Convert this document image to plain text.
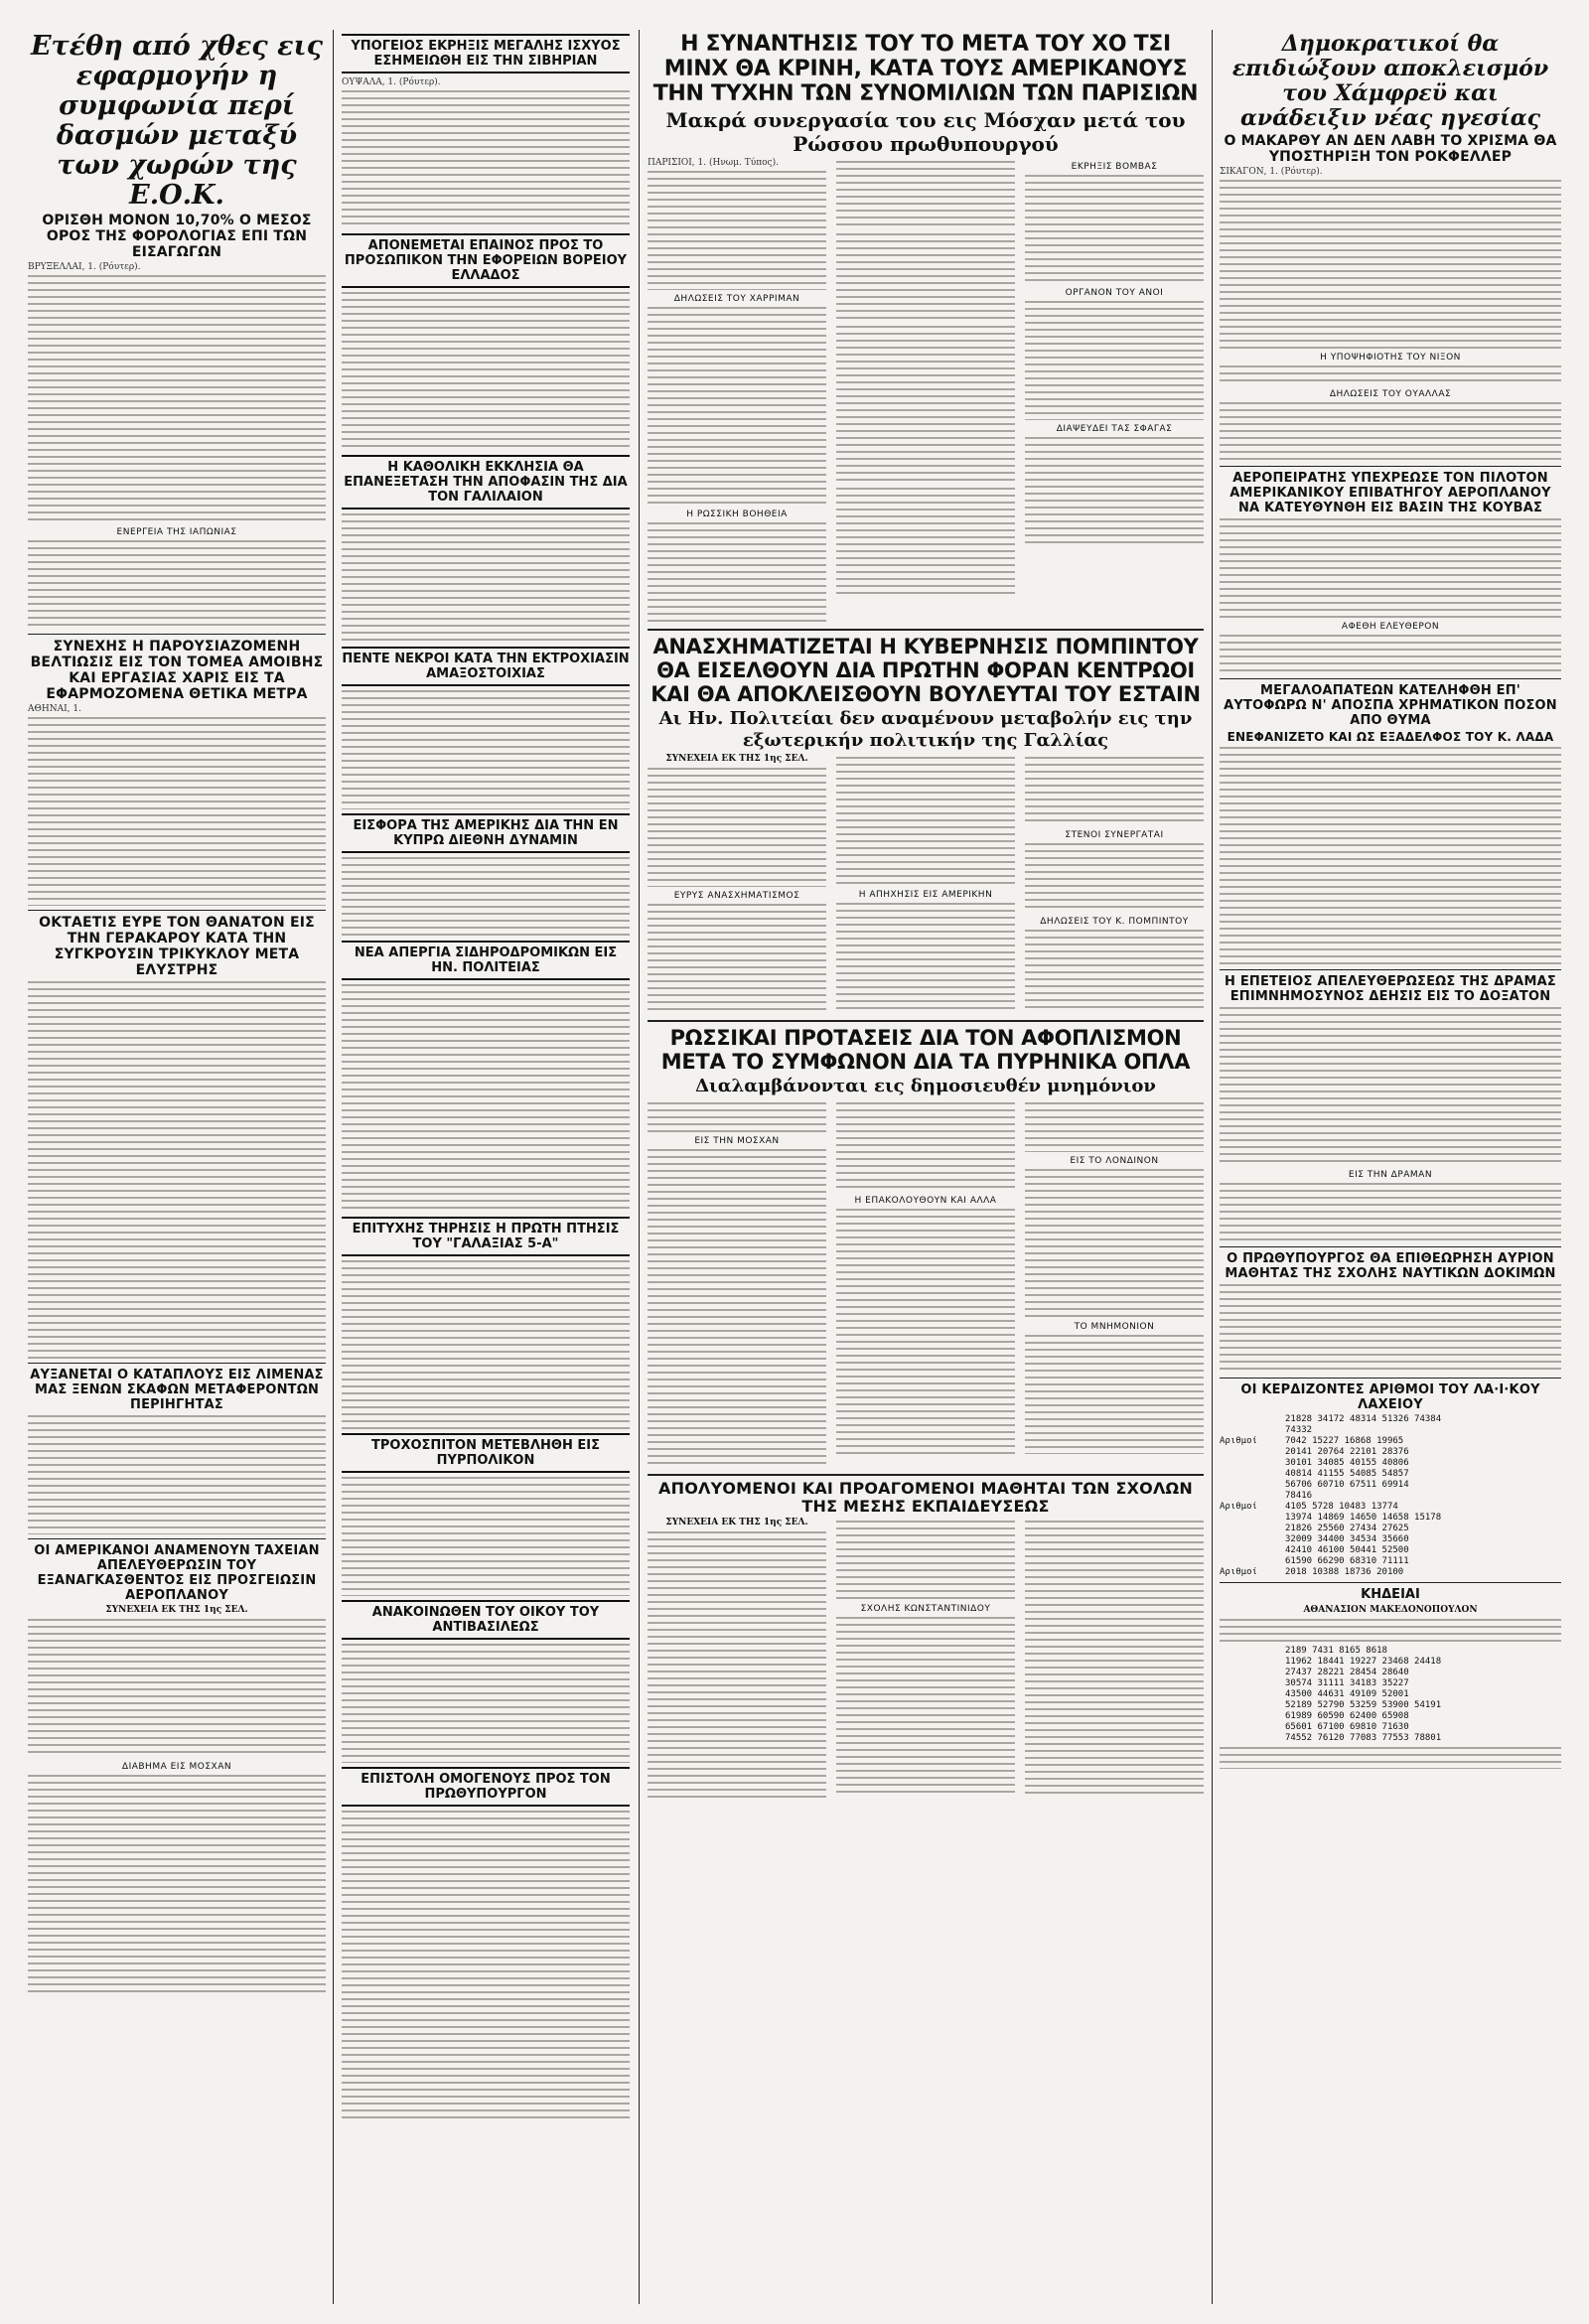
Ετέθη από χθες εις εφαρμογήν η συμφωνία περί δασμών μεταξύ των χωρών της Ε.Ο.Κ.
ΟΡΙΣΘΗ ΜΟΝΟΝ 10,70% Ο ΜΕΣΟΣ ΟΡΟΣ ΤΗΣ ΦΟΡΟΛΟΓΙΑΣ ΕΠΙ ΤΩΝ ΕΙΣΑΓΩΓΩΝ
ΒΡΥΞΕΛΛΑΙ, 1. (Ρόυτερ).
ΕΝΕΡΓΕΙΑ ΤΗΣ ΙΑΠΩΝΙΑΣ
ΣΥΝΕΧΗΣ Η ΠΑΡΟΥΣΙΑΖΟΜΕΝΗ ΒΕΛΤΙΩΣΙΣ ΕΙΣ ΤΟΝ ΤΟΜΕΑ ΑΜΟΙΒΗΣ ΚΑΙ ΕΡΓΑΣΙΑΣ ΧΑΡΙΣ ΕΙΣ ΤΑ ΕΦΑΡΜΟΖΟΜΕΝΑ ΘΕΤΙΚΑ ΜΕΤΡΑ
ΑΘΗΝΑΙ, 1.
ΟΚΤΑΕΤΙΣ ΕΥΡΕ ΤΟΝ ΘΑΝΑΤΟΝ ΕΙΣ ΤΗΝ ΓΕΡΑΚΑΡΟΥ ΚΑΤΑ ΤΗΝ ΣΥΓΚΡΟΥΣΙΝ ΤΡΙΚΥΚΛΟΥ ΜΕΤΑ ΕΛΥΣΤΡΗΣ
ΑΥΞΑΝΕΤΑΙ Ο ΚΑΤΑΠΛΟΥΣ ΕΙΣ ΛΙΜΕΝΑΣ ΜΑΣ ΞΕΝΩΝ ΣΚΑΦΩΝ ΜΕΤΑΦΕΡΟΝΤΩΝ ΠΕΡΙΗΓΗΤΑΣ
ΟΙ ΑΜΕΡΙΚΑΝΟΙ ΑΝΑΜΕΝΟΥΝ ΤΑΧΕΙΑΝ ΑΠΕΛΕΥΘΕΡΩΣΙΝ ΤΟΥ ΕΞΑΝΑΓΚΑΣΘΕΝΤΟΣ ΕΙΣ ΠΡΟΣΓΕΙΩΣΙΝ ΑΕΡΟΠΛΑΝΟΥ
ΣΥΝΕΧΕΙΑ ΕΚ ΤΗΣ 1ης ΣΕΛ.
ΔΙΑΒΗΜΑ ΕΙΣ ΜΟΣΧΑΝ
ΥΠΟΓΕΙΟΣ ΕΚΡΗΞΙΣ ΜΕΓΑΛΗΣ ΙΣΧΥΟΣ ΕΣΗΜΕΙΩΘΗ ΕΙΣ ΤΗΝ ΣΙΒΗΡΙΑΝ
ΟΥΨΑΛΑ, 1. (Ρόυτερ).
ΑΠΟΝΕΜΕΤΑΙ ΕΠΑΙΝΟΣ ΠΡΟΣ ΤΟ ΠΡΟΣΩΠΙΚΟΝ ΤΗΝ ΕΦΟΡΕΙΩΝ ΒΟΡΕΙΟΥ ΕΛΛΑΔΟΣ
Η ΚΑΘΟΛΙΚΗ ΕΚΚΛΗΣΙΑ ΘΑ ΕΠΑΝΕΞΕΤΑΣΗ ΤΗΝ ΑΠΟΦΑΣΙΝ ΤΗΣ ΔΙΑ ΤΟΝ ΓΑΛΙΛΑΙΟΝ
ΠΕΝΤΕ ΝΕΚΡΟΙ ΚΑΤΑ ΤΗΝ ΕΚΤΡΟΧΙΑΣΙΝ ΑΜΑΞΟΣΤΟΙΧΙΑΣ
ΕΙΣΦΟΡΑ ΤΗΣ ΑΜΕΡΙΚΗΣ ΔΙΑ ΤΗΝ ΕΝ ΚΥΠΡΩ ΔΙΕΘΝΗ ΔΥΝΑΜΙΝ
ΝΕΑ ΑΠΕΡΓΙΑ ΣΙΔΗΡΟΔΡΟΜΙΚΩΝ ΕΙΣ ΗΝ. ΠΟΛΙΤΕΙΑΣ
ΕΠΙΤΥΧΗΣ ΤΗΡΗΣΙΣ Η ΠΡΩΤΗ ΠΤΗΣΙΣ ΤΟΥ "ΓΑΛΑΞΙΑΣ 5-Α"
ΤΡΟΧΟΣΠΙΤΟΝ ΜΕΤΕΒΛΗΘΗ ΕΙΣ ΠΥΡΠΟΛΙΚΟΝ
ΑΝΑΚΟΙΝΩΘΕΝ ΤΟΥ ΟΙΚΟΥ ΤΟΥ ΑΝΤΙΒΑΣΙΛΕΩΣ
ΕΠΙΣΤΟΛΗ ΟΜΟΓΕΝΟΥΣ ΠΡΟΣ ΤΟΝ ΠΡΩΘΥΠΟΥΡΓΟΝ
Η ΣΥΝΑΝΤΗΣΙΣ ΤΟΥ ΤΟ ΜΕΤΑ ΤΟΥ ΧΟ ΤΣΙ ΜΙΝΧ ΘΑ ΚΡΙΝΗ, ΚΑΤΑ ΤΟΥΣ ΑΜΕΡΙΚΑΝΟΥΣ ΤΗΝ ΤΥΧΗΝ ΤΩΝ ΣΥΝΟΜΙΛΙΩΝ ΤΩΝ ΠΑΡΙΣΙΩΝ
Μακρά συνεργασία του εις Μόσχαν μετά του Ρώσσου πρωθυπουργού
ΠΑΡΙΣΙΟΙ, 1. (Ηνωμ. Τύπος).
ΔΗΛΩΣΕΙΣ ΤΟΥ ΧΑΡΡΙΜΑΝ
Η ΡΩΣΣΙΚΗ ΒΟΗΘΕΙΑ
ΕΚΡΗΞΙΣ ΒΟΜΒΑΣ
ΟΡΓΑΝΟΝ ΤΟΥ ΑΝΟΙ
ΔΙΑΨΕΥΔΕΙ ΤΑΣ ΣΦΑΓΑΣ
ΑΝΑΣΧΗΜΑΤΙΖΕΤΑΙ Η ΚΥΒΕΡΝΗΣΙΣ ΠΟΜΠΙΝΤΟΥ ΘΑ ΕΙΣΕΛΘΟΥΝ ΔΙΑ ΠΡΩΤΗΝ ΦΟΡΑΝ ΚΕΝΤΡΩΟΙ ΚΑΙ ΘΑ ΑΠΟΚΛΕΙΣΘΟΥΝ ΒΟΥΛΕΥΤΑΙ ΤΟΥ ΕΣΤΑΙΝ
Αι Ην. Πολιτείαι δεν αναμένουν μεταβολήν εις την εξωτερικήν πολιτικήν της Γαλλίας
ΣΥΝΕΧΕΙΑ ΕΚ ΤΗΣ 1ης ΣΕΛ.
ΕΥΡΥΣ ΑΝΑΣΧΗΜΑΤΙΣΜΟΣ	Η ΑΠΗΧΗΣΙΣ ΕΙΣ ΑΜΕΡΙΚΗΝ
ΣΤΕΝΟΙ ΣΥΝΕΡΓΑΤΑΙ
ΔΗΛΩΣΕΙΣ ΤΟΥ Κ. ΠΟΜΠΙΝΤΟΥ
ΡΩΣΣΙΚΑΙ ΠΡΟΤΑΣΕΙΣ ΔΙΑ ΤΟΝ ΑΦΟΠΛΙΣΜΟΝ ΜΕΤΑ ΤΟ ΣΥΜΦΩΝΟΝ ΔΙΑ ΤΑ ΠΥΡΗΝΙΚΑ ΟΠΛΑ
Διαλαμβάνονται εις δημοσιευθέν μνημόνιον
ΕΙΣ ΤΗΝ ΜΟΣΧΑΝ
Η ΕΠΑΚΟΛΟΥΘΟΥΝ ΚΑΙ ΑΛΛΑ
ΕΙΣ ΤΟ ΛΟΝΔΙΝΟΝ
ΤΟ ΜΝΗΜΟΝΙΟΝ
ΑΠΟΛΥΟΜΕΝΟΙ ΚΑΙ ΠΡΟΑΓΟΜΕΝΟΙ ΜΑΘΗΤΑΙ ΤΩΝ ΣΧΟΛΩΝ ΤΗΣ ΜΕΣΗΣ ΕΚΠΑΙΔΕΥΣΕΩΣ
ΣΥΝΕΧΕΙΑ ΕΚ ΤΗΣ 1ης ΣΕΛ.
ΣΧΟΛΗΣ ΚΩΝΣΤΑΝΤΙΝΙΔΟΥ
Δημοκρατικοί θα επιδιώξουν αποκλεισμόν του Χάμφρεϋ και ανάδειξιν νέας ηγεσίας
Ο ΜΑΚΑΡΘΥ ΑΝ ΔΕΝ ΛΑΒΗ ΤΟ ΧΡΙΣΜΑ ΘΑ ΥΠΟΣΤΗΡΙΞΗ ΤΟΝ ΡΟΚΦΕΛΛΕΡ
ΣΙΚΑΓΟΝ, 1. (Ρόυτερ).
Η ΥΠΟΨΗΦΙΟΤΗΣ ΤΟΥ ΝΙΞΟΝ
ΔΗΛΩΣΕΙΣ ΤΟΥ ΟΥΑΛΛΑΣ
ΑΕΡΟΠΕΙΡΑΤΗΣ ΥΠΕΧΡΕΩΣΕ ΤΟΝ ΠΙΛΟΤΟΝ ΑΜΕΡΙΚΑΝΙΚΟΥ ΕΠΙΒΑΤΗΓΟΥ ΑΕΡΟΠΛΑΝΟΥ ΝΑ ΚΑΤΕΥΘΥΝΘΗ ΕΙΣ ΒΑΣΙΝ ΤΗΣ ΚΟΥΒΑΣ
ΑΦΕΘΗ ΕΛΕΥΘΕΡΟΝ
ΜΕΓΑΛΟΑΠΑΤΕΩΝ ΚΑΤΕΛΗΦΘΗ ΕΠ' ΑΥΤΟΦΩΡΩ Ν' ΑΠΟΣΠΑ ΧΡΗΜΑΤΙΚΟΝ ΠΟΣΟΝ ΑΠΟ ΘΥΜΑ
ΕΝΕΦΑΝΙΖΕΤΟ ΚΑΙ ΩΣ ΕΞΑΔΕΛΦΟΣ ΤΟΥ Κ. ΛΑΔΑ
Η ΕΠΕΤΕΙΟΣ ΑΠΕΛΕΥΘΕΡΩΣΕΩΣ ΤΗΣ ΔΡΑΜΑΣ ΕΠΙΜΝΗΜΟΣΥΝΟΣ ΔΕΗΣΙΣ ΕΙΣ ΤΟ ΔΟΞΑΤΟΝ
ΕΙΣ ΤΗΝ ΔΡΑΜΑΝ
Ο ΠΡΩΘΥΠΟΥΡΓΟΣ ΘΑ ΕΠΙΘΕΩΡΗΣΗ ΑΥΡΙΟΝ ΜΑΘΗΤΑΣ ΤΗΣ ΣΧΟΛΗΣ ΝΑΥΤΙΚΩΝ ΔΟΚΙΜΩΝ
ΟΙ ΚΕΡΔΙΖΟΝΤΕΣ ΑΡΙΘΜΟΙ ΤΟΥ ΛΑ·Ι·ΚΟΥ ΛΑΧΕΙΟΥ
21828 34172 48314 51326 74384
74332
Αριθμοί	7042 15227 16868 19965
20141 20764 22101 28376
30101 34085 40155 40806
40814 41155 54085 54857
56706 60710 67511 69914
78416
Αριθμοί	4105 5728 10483 13774
13974 14869 14650 14658 15178
21826 25560 27434 27625
32009 34400 34534 35660
42410 46100 50441 52500
61590 66290 68310 71111
Αριθμοί	2018 10388 18736 20100
ΚΗΔΕΙΑΙ
ΑΘΑΝΑΣΙΟΝ ΜΑΚΕΔΟΝΟΠΟΥΛΟΝ
2189 7431 8165 8618
11962 18441 19227 23468 24418
27437 28221 28454 28640
30574 31111 34183 35227
43500 44631 49109 52001
52189 52790 53259 53900 54191
61989 60590 62400 65908
65601 67100 69810 71630
74552 76120 77083 77553 78801
